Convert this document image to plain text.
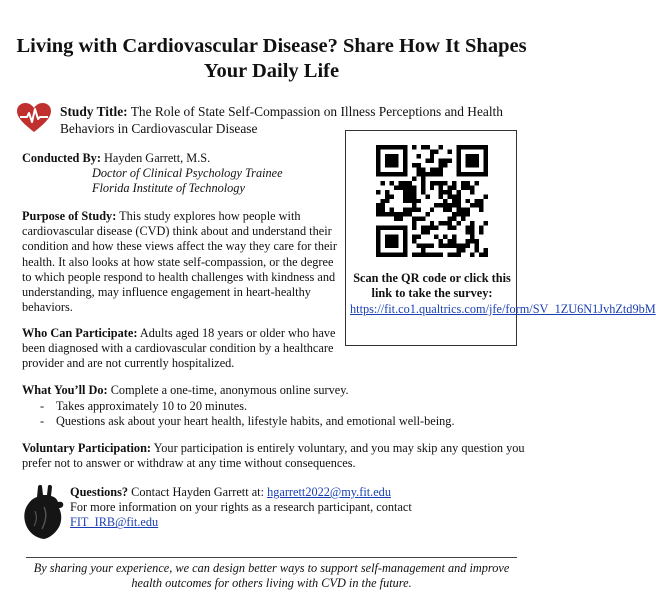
Living with Cardiovascular Disease? Share How It Shapes Your Daily Life
Study Title: The Role of State Self-Compassion on Illness Perceptions and Health Behaviors in Cardiovascular Disease
Conducted By: Hayden Garrett, M.S.
Doctor of Clinical Psychology Trainee
Florida Institute of Technology
Purpose of Study: This study explores how people with cardiovascular disease (CVD) think about and understand their condition and how these views affect the way they care for their health. It also looks at how state self-compassion, or the degree to which people respond to health challenges with kindness and understanding, may influence engagement in heart-healthy behaviors.
Scan the QR code or click this link to take the survey:
https://fit.co1.qualtrics.com/jfe/form/SV_1ZU6N1JvhZtd9bM
Who Can Participate: Adults aged 18 years or older who have been diagnosed with a cardiovascular condition by a healthcare provider and are not currently hospitalized.
What You’ll Do: Complete a one-time, anonymous online survey.
- Takes approximately 10 to 20 minutes.
- Questions ask about your heart health, lifestyle habits, and emotional well-being.
Voluntary Participation: Your participation is entirely voluntary, and you may skip any question you prefer not to answer or withdraw at any time without consequences.
Questions? Contact Hayden Garrett at: hgarrett2022@my.fit.edu
For more information on your rights as a research participant, contact
FIT_IRB@fit.edu
By sharing your experience, we can design better ways to support self-management and improve health outcomes for others living with CVD in the future.
